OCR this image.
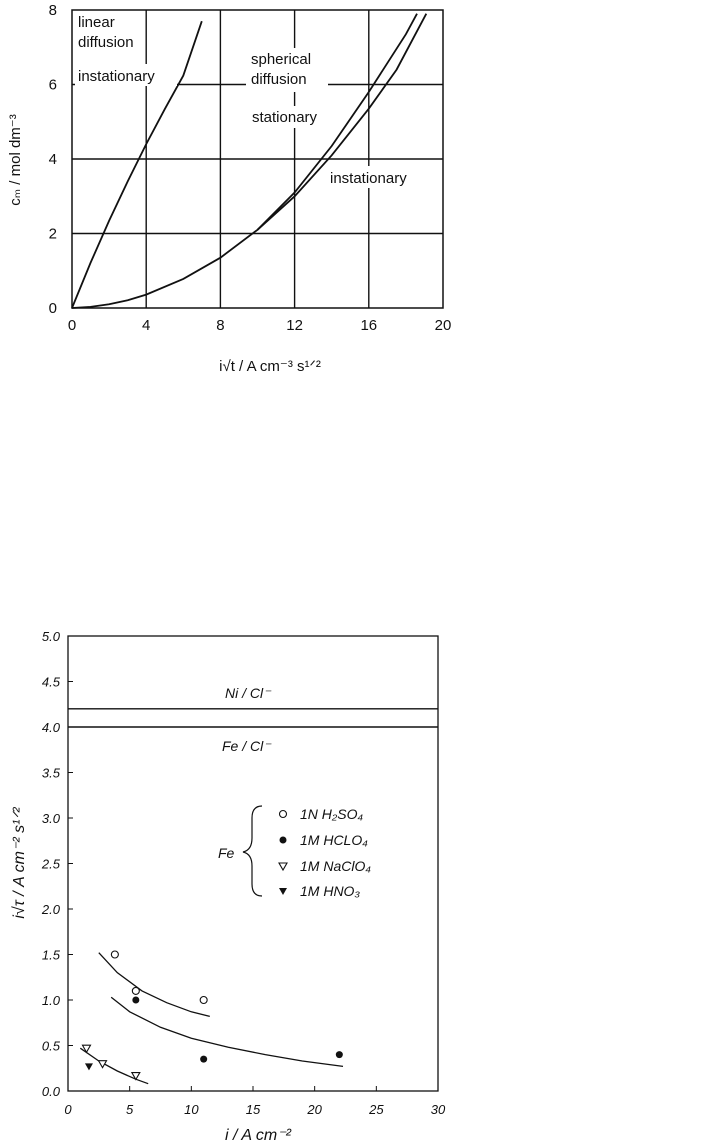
0	4	8	12	16	20
0
2
4
6
8
linear
diffusion
instationary
spherical
diffusion
stationary
instationary
i√t / A cm⁻³ s¹ᐟ²
cₘ / mol dm⁻³
0	5	10	15	20	25	30
0.0
0.5
1.0
1.5
2.0
2.5
3.0
3.5
4.0
4.5
5.0
Ni / Cl⁻
Fe / Cl⁻
Fe
1N H₂SO₄
1M HCLO₄
1M NaClO₄
1M HNO₃
i / A cm⁻²
i√τ / A cm⁻² s¹ᐟ²
